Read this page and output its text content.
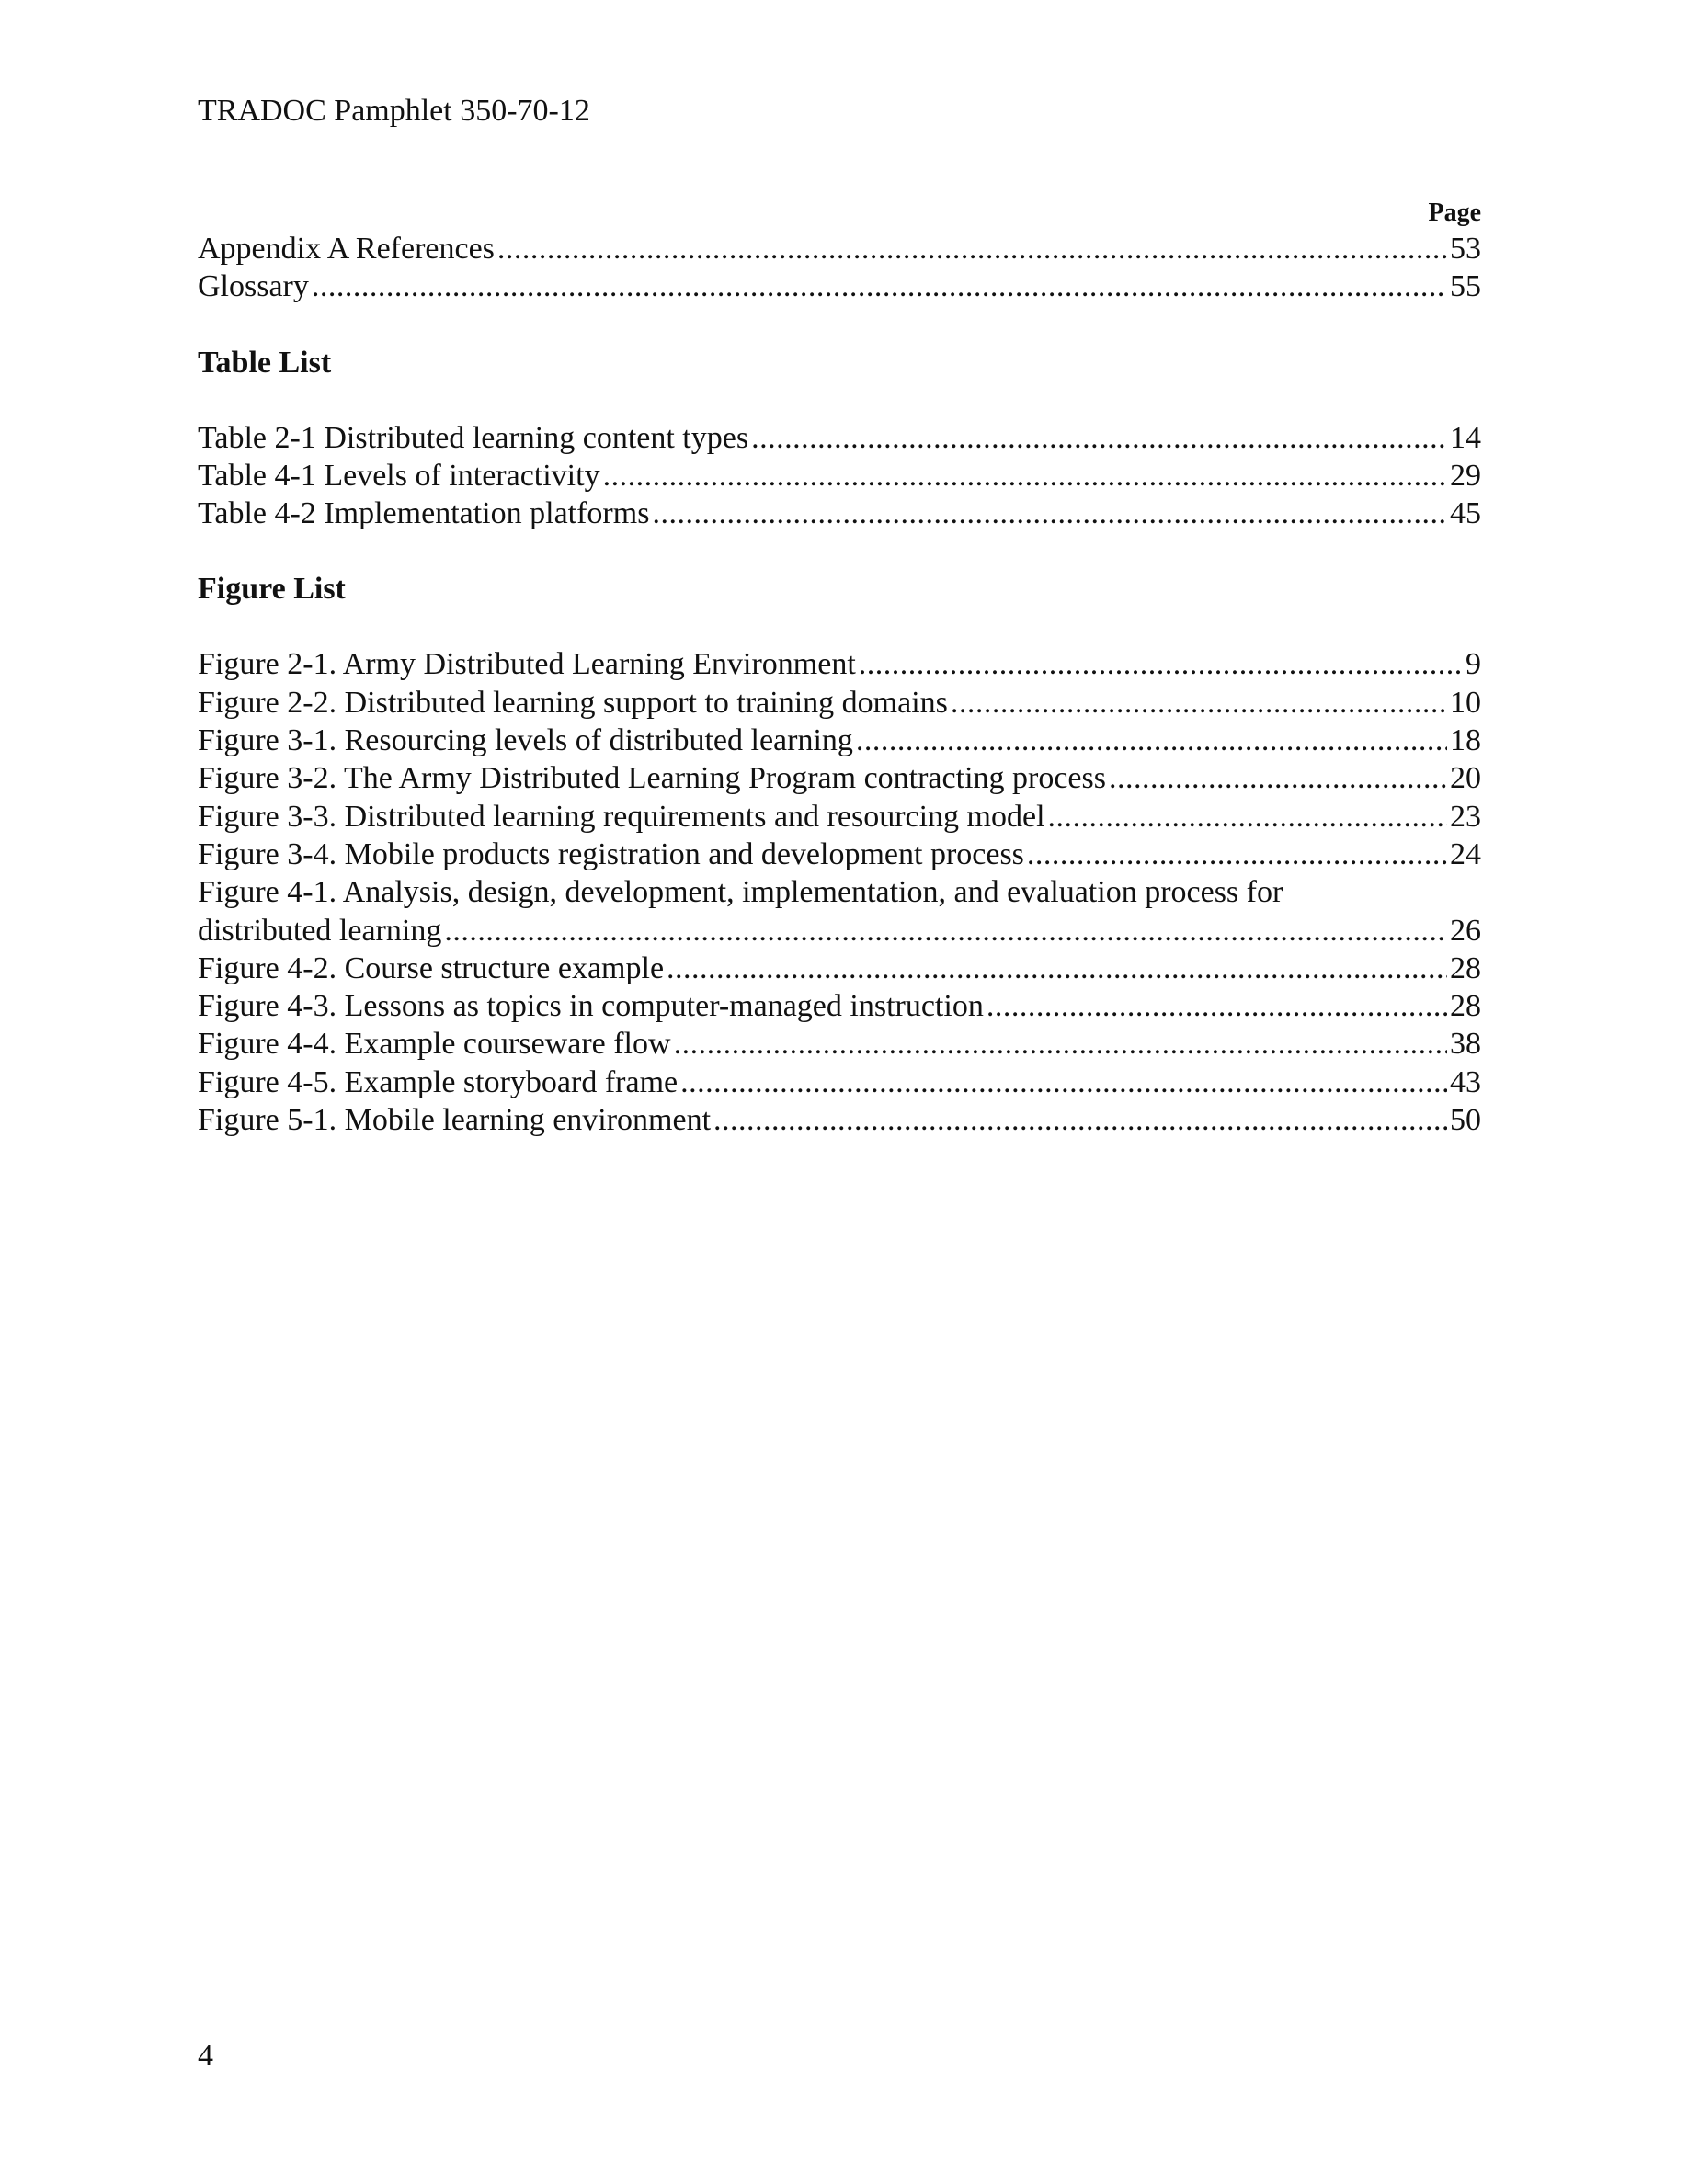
TRADOC Pamphlet 350-70-12
Page
Appendix A References . . .	53
Glossary . . .	55
Table List
Table 2-1 Distributed learning content types . . .	14
Table 4-1 Levels of interactivity . . .	29
Table 4-2 Implementation platforms . . .	45
Figure List
Figure 2-1. Army Distributed Learning Environment . . .	9
Figure 2-2. Distributed learning support to training domains . . .	10
Figure 3-1. Resourcing levels of distributed learning . . .	18
Figure 3-2. The Army Distributed Learning Program contracting process . . .	20
Figure 3-3. Distributed learning requirements and resourcing model . . .	23
Figure 3-4. Mobile products registration and development process . . .	24
Figure 4-1. Analysis, design, development, implementation, and evaluation process for
distributed learning . . .	26
Figure 4-2. Course structure example . . .	28
Figure 4-3. Lessons as topics in computer-managed instruction . . .	28
Figure 4-4. Example courseware flow . . .	38
Figure 4-5. Example storyboard frame . . .	43
Figure 5-1. Mobile learning environment . . .	50
4
